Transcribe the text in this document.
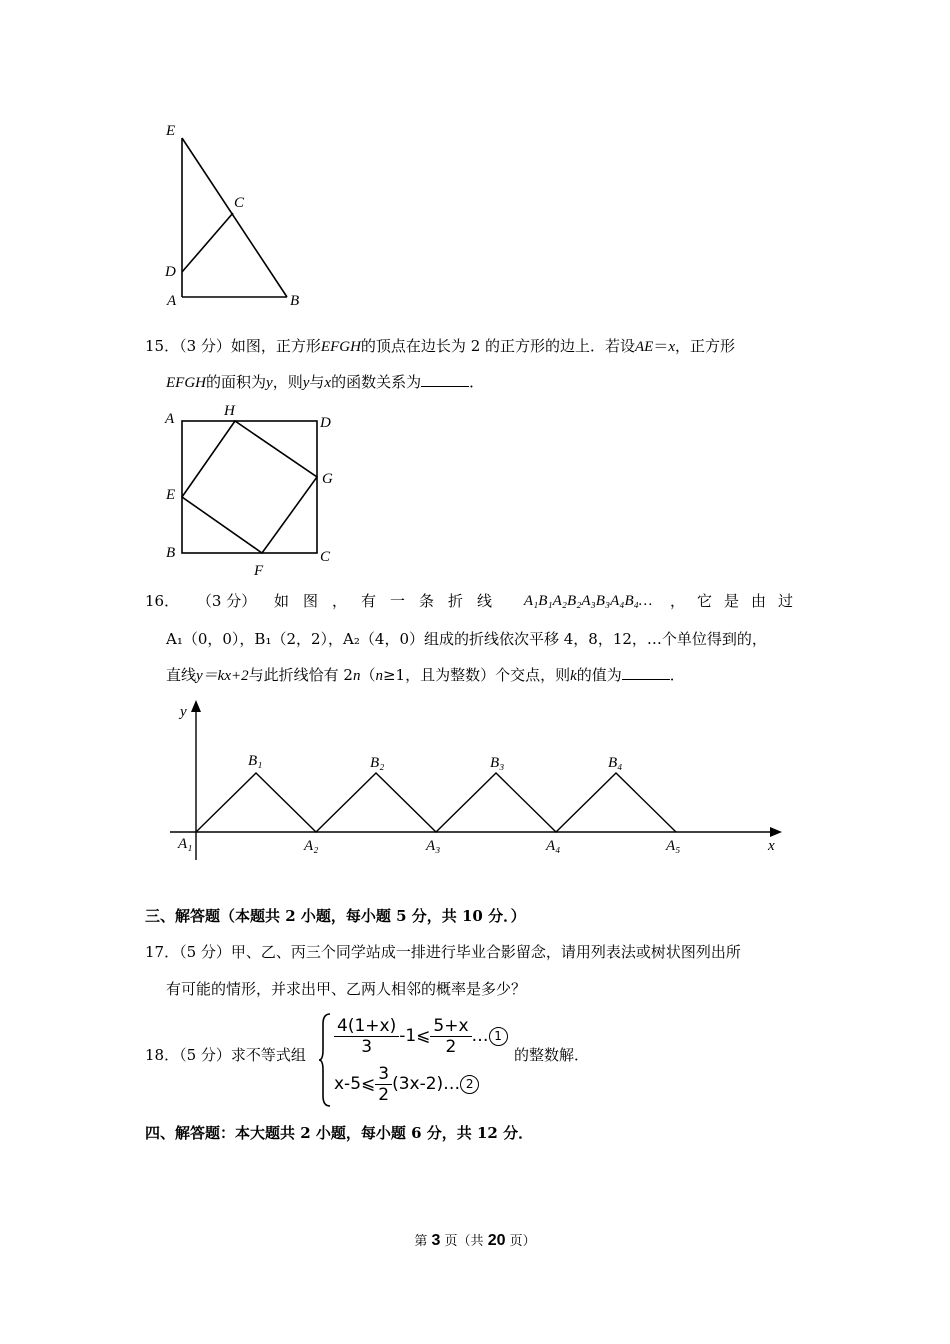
E
C
D
A	B
15．（3 分）如图，正方形EFGH的顶点在边长为 2 的正方形的边上．若设AE＝x，正方形
EFGH的面积为y，则y与x的函数关系为	．
A	H
D
E
G
B
F
C
16． （3 分） 如图，有一条折线 A₁B₁A₂B₂A₃B₃A₄B₄… ，它是由过
A₁（0，0），B₁（2，2），A₂（4，0）组成的折线依次平移 4，8，12，…个单位得到的，
直线y＝kx+2与此折线恰有 2n（n≥1，且为整数）个交点，则k的值为	．
y
x
A₁	A₂	A₃	A₄	A₅
B₁	B₂	B₃	B₄
三、解答题（本题共 2 小题，每小题 5 分，共 10 分．）
17．（5 分）甲、乙、丙三个同学站成一排进行毕业合影留念，请用列表法或树状图列出所
有可能的情形，并求出甲、乙两人相邻的概率是多少？
18．（5 分）求不等式组 $\frac{4(1+x)}{3}$ -1⩽ $\frac{5+x}{2}$ … 1
x-5⩽ $\frac{3}{2}$ (3x-2)… 2
的整数解．
四、解答题：本大题共 2 小题，每小题 6 分，共 12 分．
第 3 页（共 20 页）
